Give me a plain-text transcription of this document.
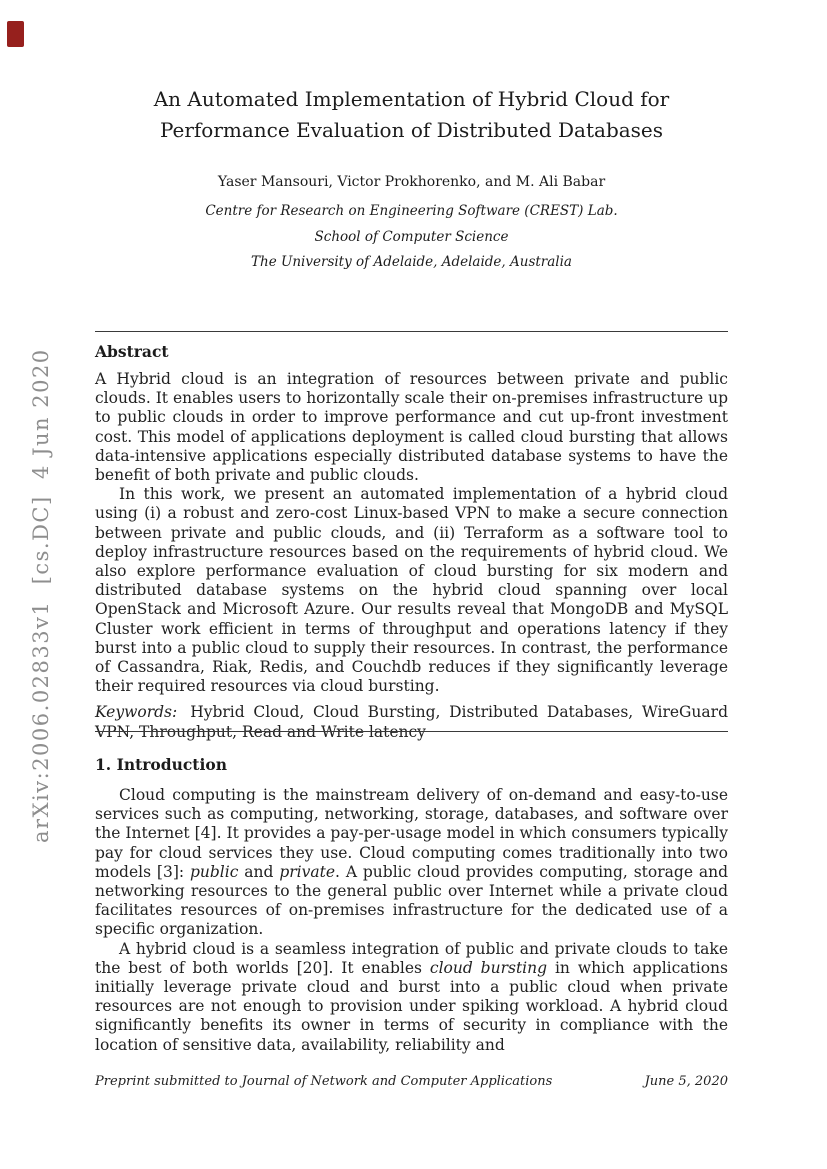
arXiv:2006.02833v1  [cs.DC]  4 Jun 2020

An Automated Implementation of Hybrid Cloud for Performance Evaluation of Distributed Databases
Yaser Mansouri, Victor Prokhorenko, and M. Ali Babar
Centre for Research on Engineering Software (CREST) Lab.
School of Computer Science
The University of Adelaide, Adelaide, Australia
Abstract

A Hybrid cloud is an integration of resources between private and public clouds. It enables users to horizontally scale their on-premises infrastructure up to public clouds in order to improve performance and cut up-front investment cost. This model of applications deployment is called cloud bursting that allows data-intensive applications especially distributed database systems to have the benefit of both private and public clouds.

In this work, we present an automated implementation of a hybrid cloud using (i) a robust and zero-cost Linux-based VPN to make a secure connection between private and public clouds, and (ii) Terraform as a software tool to deploy infrastructure resources based on the requirements of hybrid cloud. We also explore performance evaluation of cloud bursting for six modern and distributed database systems on the hybrid cloud spanning over local OpenStack and Microsoft Azure. Our results reveal that MongoDB and MySQL Cluster work efficient in terms of throughput and operations latency if they burst into a public cloud to supply their resources. In contrast, the performance of Cassandra, Riak, Redis, and Couchdb reduces if they significantly leverage their required resources via cloud bursting.

Keywords: Hybrid Cloud, Cloud Bursting, Distributed Databases, WireGuard VPN, Throughput, Read and Write latency

1. Introduction

Cloud computing is the mainstream delivery of on-demand and easy-to-use services such as computing, networking, storage, databases, and software over the Internet [4]. It provides a pay-per-usage model in which consumers typically pay for cloud services they use. Cloud computing comes traditionally into two models [3]: public and private. A public cloud provides computing, storage and networking resources to the general public over Internet while a private cloud facilitates resources of on-premises infrastructure for the dedicated use of a specific organization.

A hybrid cloud is a seamless integration of public and private clouds to take the best of both worlds [20]. It enables cloud bursting in which applications initially leverage private cloud and burst into a public cloud when private resources are not enough to provision under spiking workload. A hybrid cloud significantly benefits its owner in terms of security in compliance with the location of sensitive data, availability, reliability and

Preprint submitted to Journal of Network and Computer Applications	June 5, 2020
